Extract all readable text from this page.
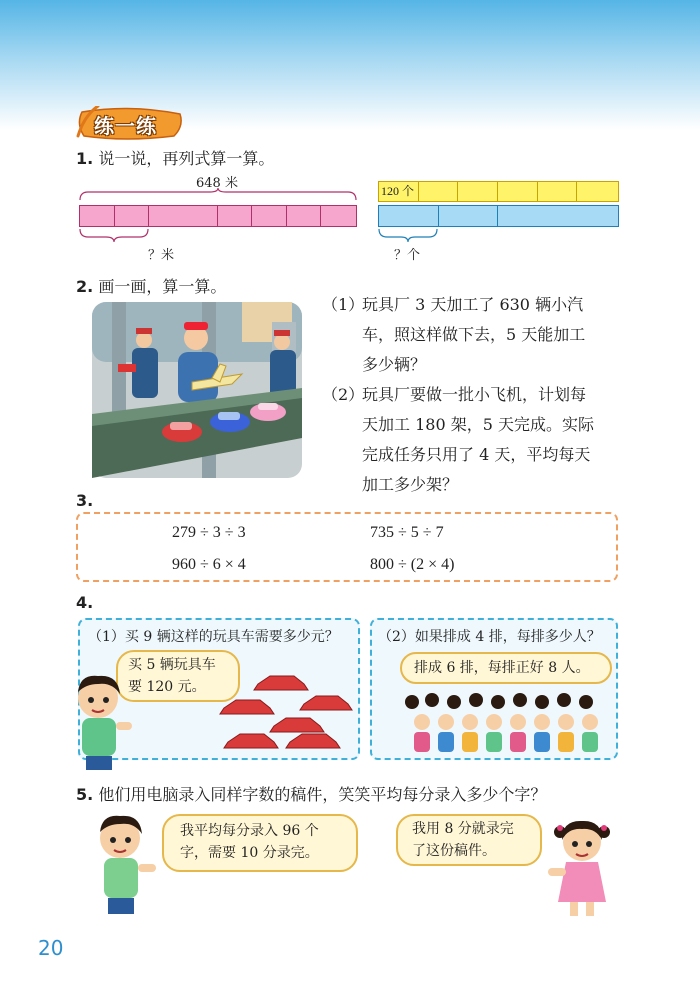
练一练
1. 说一说，再列式算一算。
648 米
？米
120 个
？个
2. 画一画，算一算。
（1）
玩具厂 3 天加工了 630 辆小汽
车，照这样做下去，5 天能加工
多少辆？
（2）
玩具厂要做一批小飞机，计划每
天加工 180 架，5 天完成。实际
完成任务只用了 4 天，平均每天
加工多少架？
3.
279 ÷ 3 ÷ 3	735 ÷ 5 ÷ 7
960 ÷ 6 × 4	800 ÷ (2 × 4)
4.
（1）买 9 辆这样的玩具车需要多少元？
买 5 辆玩具车
要 120 元。
（2）如果排成 4 排，每排多少人？
排成 6 排，每排正好 8 人。
5. 他们用电脑录入同样字数的稿件，笑笑平均每分录入多少个字？
我平均每分录入 96 个
字，需要 10 分录完。
我用 8 分就录完
了这份稿件。
20
